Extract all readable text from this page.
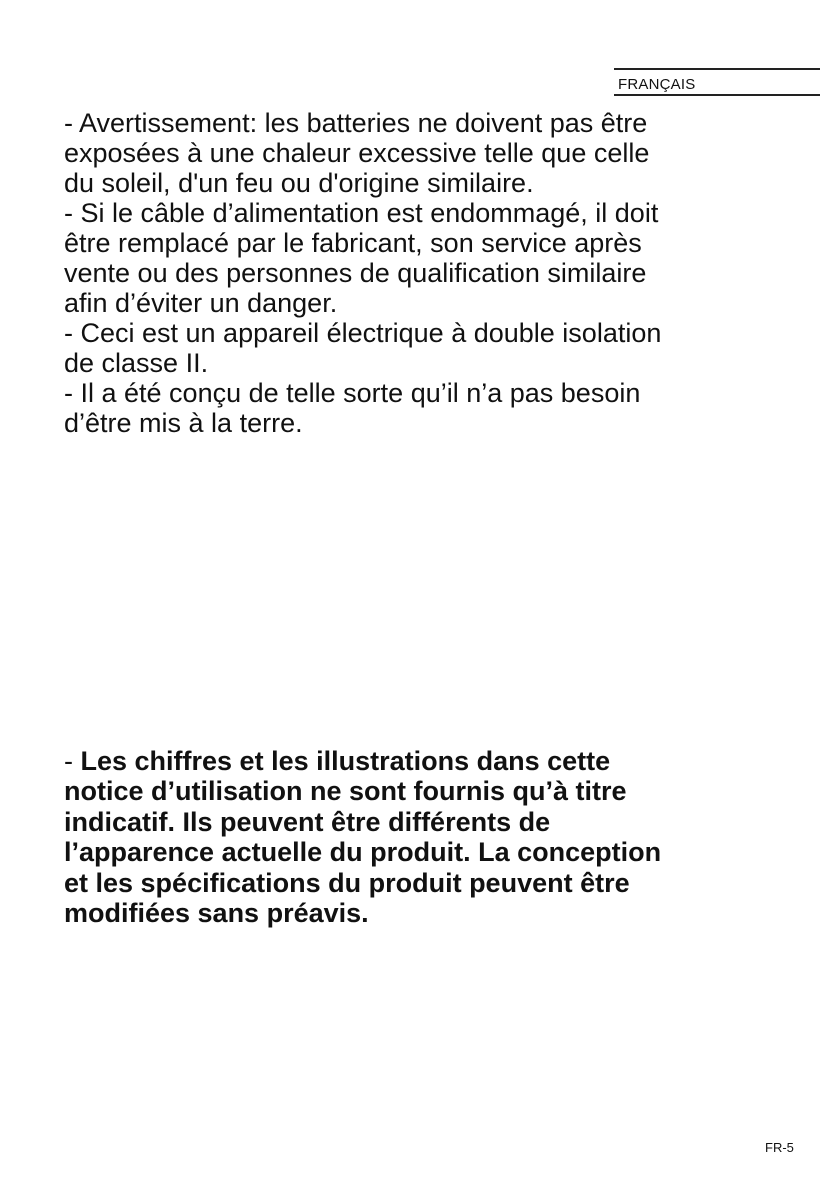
FRANÇAIS
- Avertissement: les batteries ne doivent pas être
exposées à une chaleur excessive telle que celle
du soleil, d'un feu ou d'origine similaire.
- Si le câble d’alimentation est endommagé, il doit
être remplacé par le fabricant, son service après
vente ou des personnes de qualification similaire
afin d’éviter un danger.
- Ceci est un appareil électrique à double isolation
de classe II.
- Il a été conçu de telle sorte qu’il n’a pas besoin
d’être mis à la terre.
- Les chiffres et les illustrations dans cette
notice d’utilisation ne sont fournis qu’à titre
indicatif. Ils peuvent être différents de
l’apparence actuelle du produit. La conception
et les spécifications du produit peuvent être
modifiées sans préavis.
FR-5
